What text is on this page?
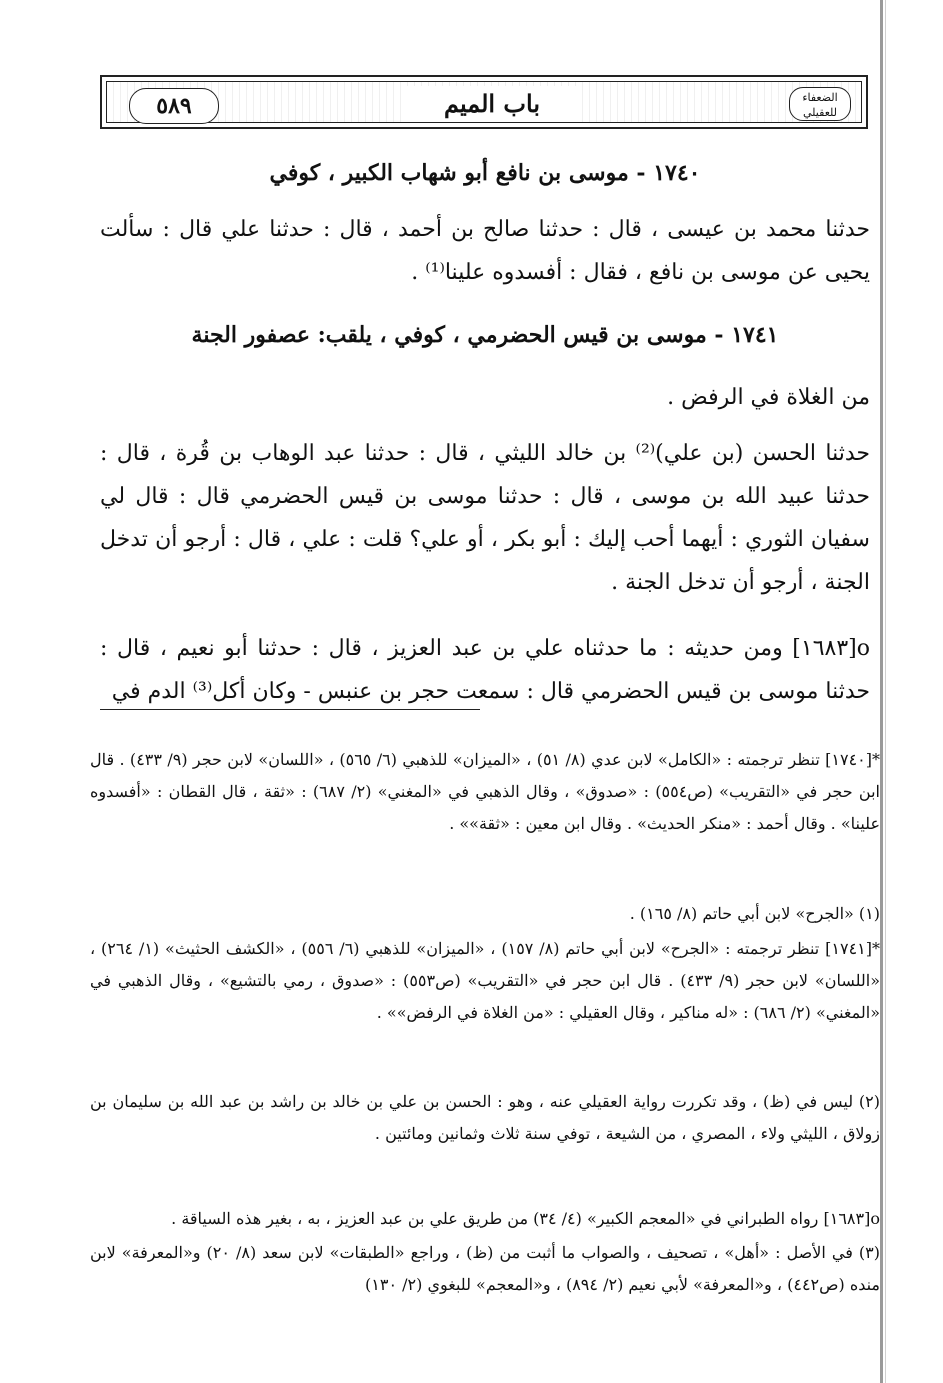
٥٨٩	باب الميم	الضعفاء
للعقيلي
١٧٤٠ - موسى بن نافع أبو شهاب الكبير ، كوفي
حدثنا محمد بن عيسى ، قال : حدثنا صالح بن أحمد ، قال : حدثنا علي قال : سألت يحيى عن موسى بن نافع ، فقال : أفسدوه علينا⁽¹⁾ .
١٧٤١ - موسى بن قيس الحضرمي ، كوفي ، يلقب: عصفور الجنة
من الغلاة في الرفض .
حدثنا الحسن (بن علي)⁽²⁾ بن خالد الليثي ، قال : حدثنا عبد الوهاب بن قُرة ، قال : حدثنا عبيد الله بن موسى ، قال : حدثنا موسى بن قيس الحضرمي قال : قال لي سفيان الثوري : أيهما أحب إليك : أبو بكر ، أو علي؟ قلت : علي ، قال : أرجو أن تدخل الجنة ، أرجو أن تدخل الجنة .
o[١٦٨٣] ومن حديثه : ما حدثناه علي بن عبد العزيز ، قال : حدثنا أبو نعيم ، قال : حدثنا موسى بن قيس الحضرمي قال : سمعت حجر بن عنبس - وكان أكل⁽³⁾ الدم في
*[١٧٤٠] تنظر ترجمته : «الكامل» لابن عدي (٨/ ٥١) ، «الميزان» للذهبي (٦/ ٥٦٥) ، «اللسان» لابن حجر (٩/ ٤٣٣) . قال ابن حجر في «التقريب» (ص٥٥٤) : «صدوق» ، وقال الذهبي في «المغني» (٢/ ٦٨٧) : «ثقة ، قال القطان : «أفسدوه علينا» . وقال أحمد : «منكر الحديث» . وقال ابن معين : «ثقة»» .
(١) «الجرح» لابن أبي حاتم (٨/ ١٦٥) .
*[١٧٤١] تنظر ترجمته : «الجرح» لابن أبي حاتم (٨/ ١٥٧) ، «الميزان» للذهبي (٦/ ٥٥٦) ، «الكشف الحثيث» (١/ ٢٦٤) ، «اللسان» لابن حجر (٩/ ٤٣٣) . قال ابن حجر في «التقريب» (ص٥٥٣) : «صدوق ، رمي بالتشيع» ، وقال الذهبي في «المغني» (٢/ ٦٨٦) : «له مناكير ، وقال العقيلي : «من الغلاة في الرفض»» .
(٢) ليس في (ظ) ، وقد تكررت رواية العقيلي عنه ، وهو : الحسن بن علي بن خالد بن راشد بن عبد الله بن سليمان بن زولاق ، الليثي ولاء ، المصري ، من الشيعة ، توفي سنة ثلاث وثمانين ومائتين .
o[١٦٨٣] رواه الطبراني في «المعجم الكبير» (٤/ ٣٤) من طريق علي بن عبد العزيز ، به ، بغير هذه السياقة .
(٣) في الأصل : «أهل» ، تصحيف ، والصواب ما أثبت من (ظ) ، وراجع «الطبقات» لابن سعد (٨/ ٢٠) و«المعرفة» لابن منده (ص٤٤٢) ، و«المعرفة» لأبي نعيم (٢/ ٨٩٤) ، و«المعجم» للبغوي (٢/ ١٣٠)
